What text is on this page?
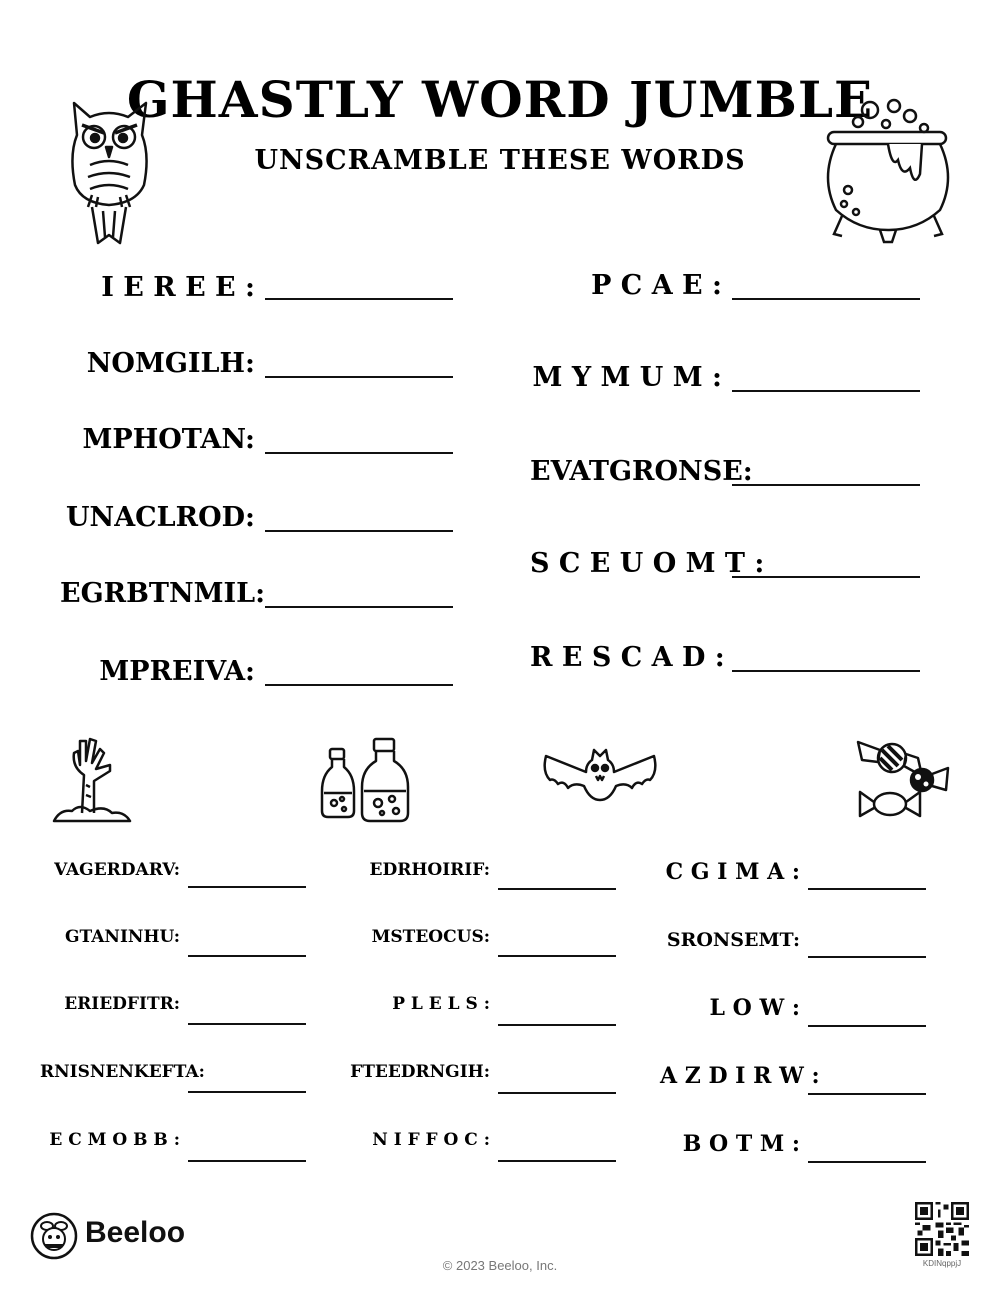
GHASTLY WORD JUMBLE
UNSCRAMBLE THESE WORDS
I E R E E :
NOMGILH:
MPHOTAN:
UNACLROD:
EGRBTNMIL:
MPREIVA:
P C A E :
M Y M U M :
EVATGRONSE:
S C E U O M T :
R E S C A D :
VAGERDARV:
GTANINHU:
ERIEDFITR:
RNISNENKEFTA:
E C M O B B :
EDRHOIRIF:
MSTEOCUS:
P L E L S :
FTEEDRNGIH:
N I F F O C :
C G I M A :
SRONSEMT:
L O W :
A Z D I R W :
B O T M :
Beeloo
© 2023 Beeloo, Inc.	KDINqppjJ
